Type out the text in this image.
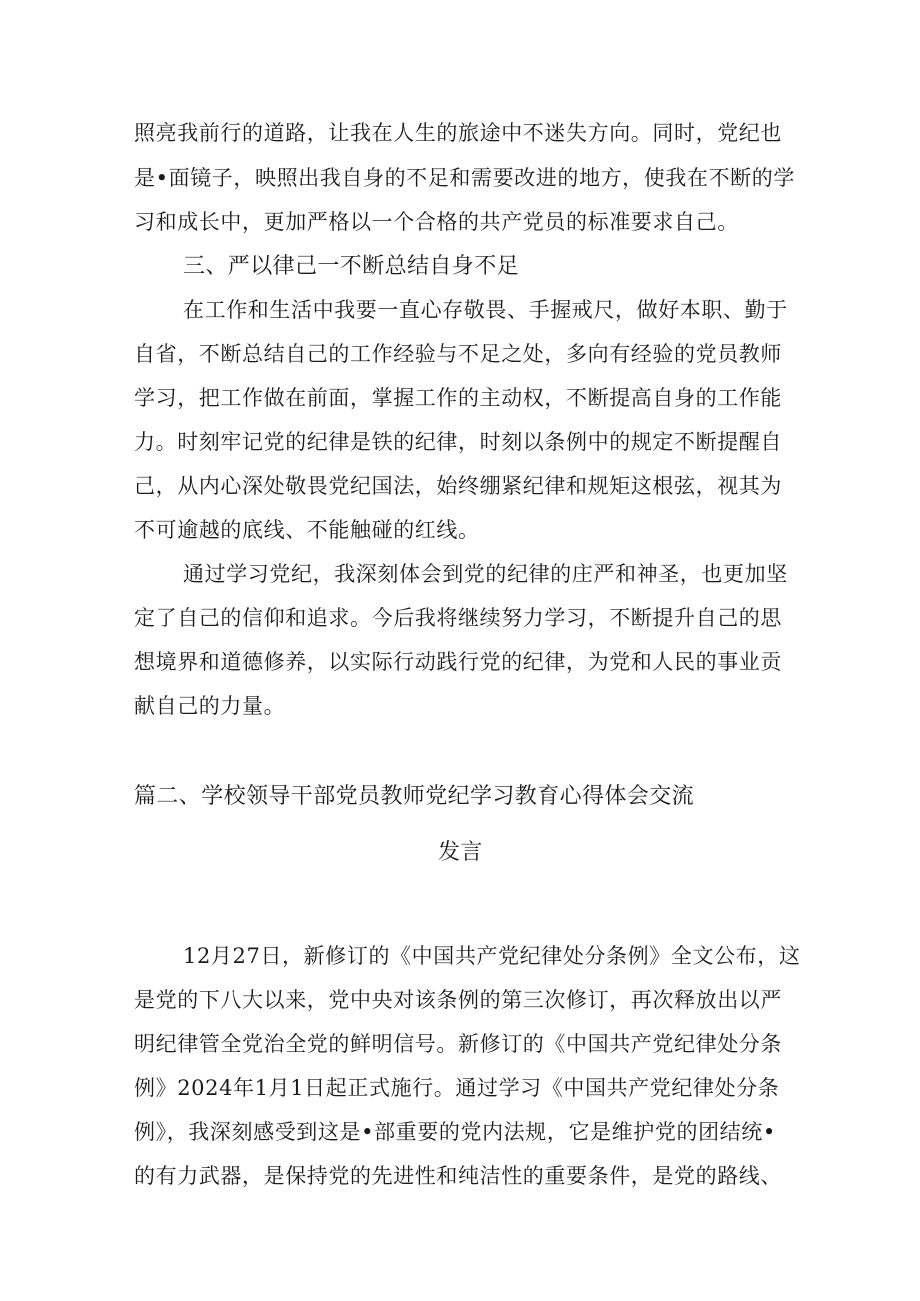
照亮我前行的道路，让我在人生的旅途中不迷失方向。同时，党纪也
是•面镜子，映照出我自身的不足和需要改进的地方，使我在不断的学
习和成长中，更加严格以一个合格的共产党员的标准要求自己。
三、严以律己一不断总结自身不足
在工作和生活中我要一直心存敬畏、手握戒尺，做好本职、勤于
自省，不断总结自己的工作经验与不足之处，多向有经验的党员教师
学习，把工作做在前面，掌握工作的主动权，不断提高自身的工作能
力。时刻牢记党的纪律是铁的纪律，时刻以条例中的规定不断提醒自
己，从内心深处敬畏党纪国法，始终绷紧纪律和规矩这根弦，视其为
不可逾越的底线、不能触碰的红线。
通过学习党纪，我深刻体会到党的纪律的庄严和神圣，也更加坚
定了自己的信仰和追求。今后我将继续努力学习，不断提升自己的思
想境界和道德修养，以实际行动践行党的纪律，为党和人民的事业贡
献自己的力量。
篇二、学校领导干部党员教师党纪学习教育心得体会交流
发言
12月27日，新修订的《中国共产党纪律处分条例》全文公布，这
是党的下八大以来，党中央对该条例的第三次修订，再次释放出以严
明纪律管全党治全党的鲜明信号。新修订的《中国共产党纪律处分条
例》2024年1月1日起正式施行。通过学习《中国共产党纪律处分条
例》，我深刻感受到这是•部重要的党内法规，它是维护党的团结统•
的有力武器，是保持党的先进性和纯洁性的重要条件，是党的路线、
